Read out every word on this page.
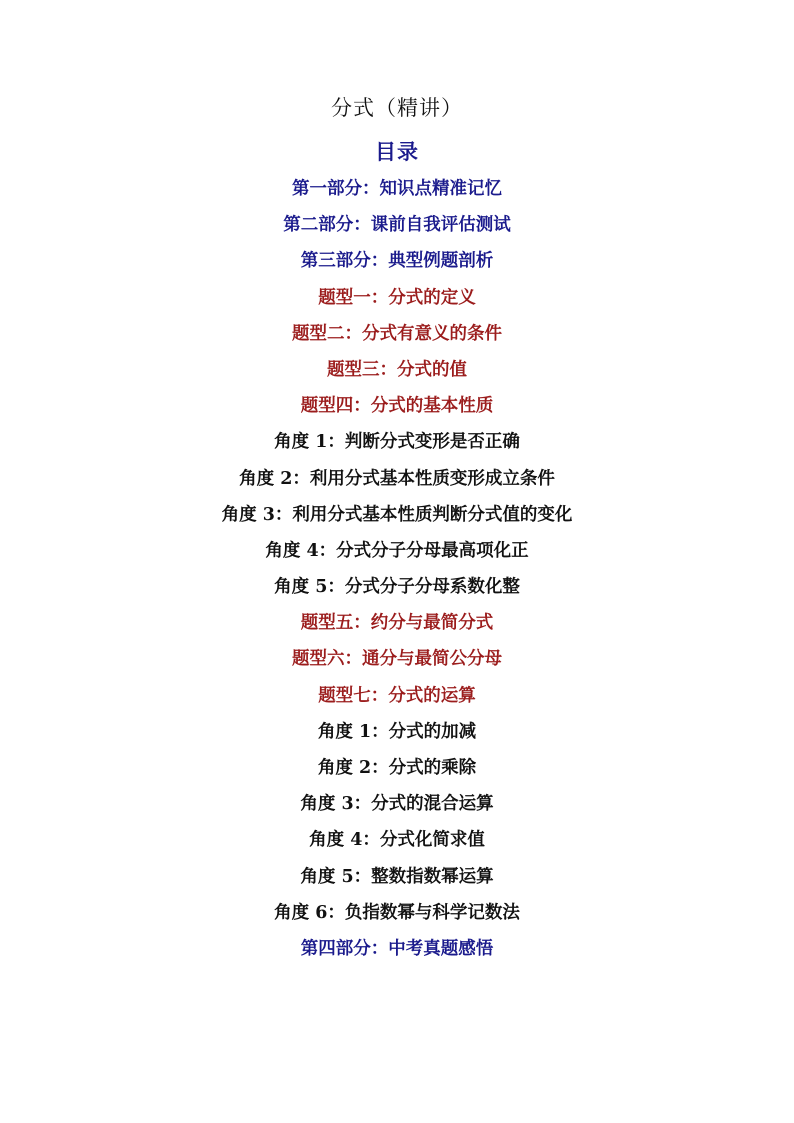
分式（精讲）
目录
第一部分：知识点精准记忆
第二部分：课前自我评估测试
第三部分：典型例题剖析
题型一：分式的定义
题型二：分式有意义的条件
题型三：分式的值
题型四：分式的基本性质
角度 1：判断分式变形是否正确
角度 2：利用分式基本性质变形成立条件
角度 3：利用分式基本性质判断分式值的变化
角度 4：分式分子分母最高项化正
角度 5：分式分子分母系数化整
题型五：约分与最简分式
题型六：通分与最简公分母
题型七：分式的运算
角度 1：分式的加减
角度 2：分式的乘除
角度 3：分式的混合运算
角度 4：分式化简求值
角度 5：整数指数幂运算
角度 6：负指数幂与科学记数法
第四部分：中考真题感悟
